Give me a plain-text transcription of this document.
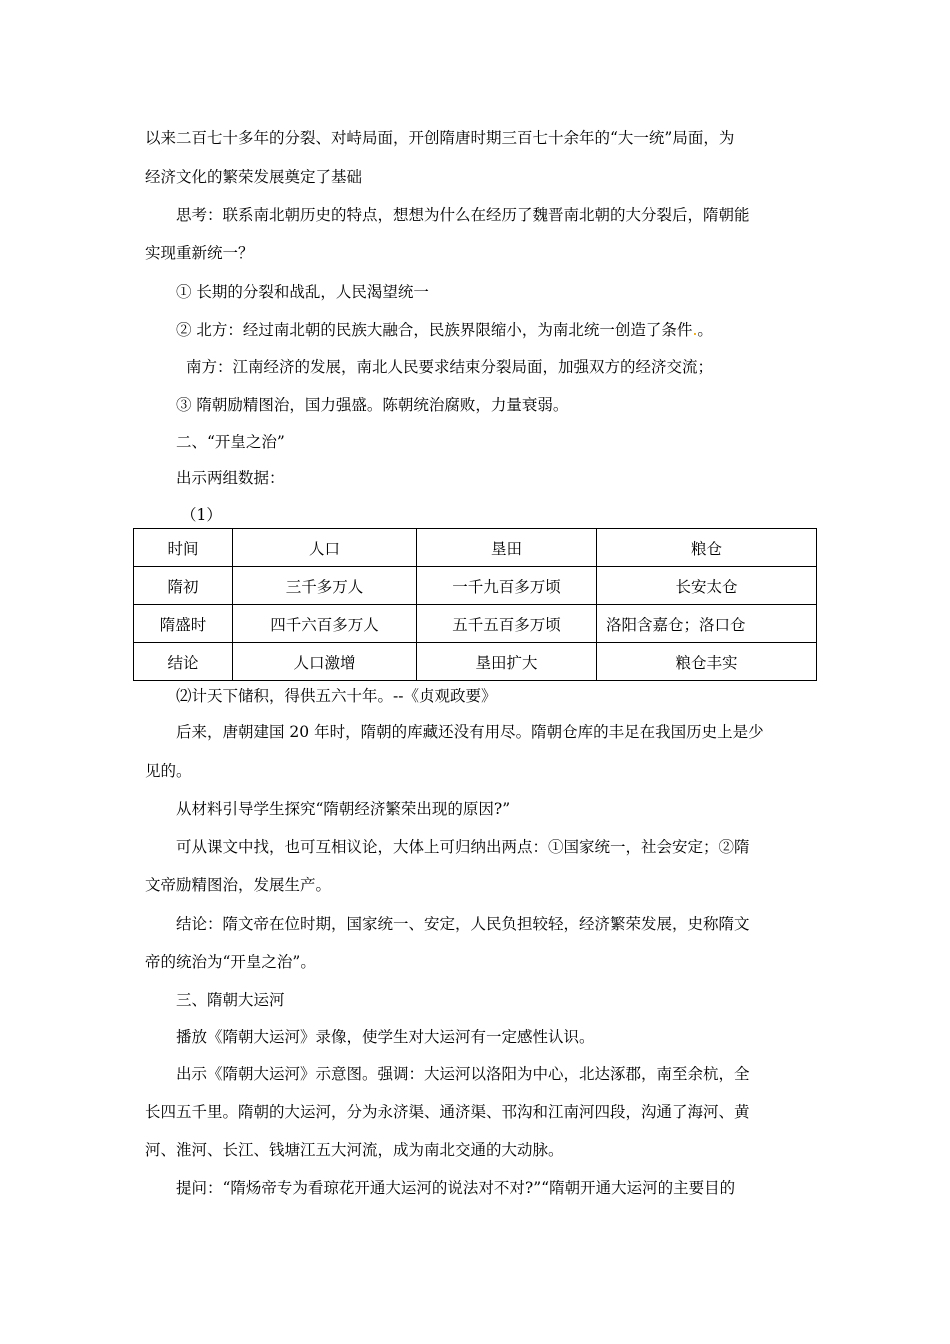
以来二百七十多年的分裂、对峙局面，开创隋唐时期三百七十余年的“大一统”局面，为
经济文化的繁荣发展奠定了基础
思考：联系南北朝历史的特点，想想为什么在经历了魏晋南北朝的大分裂后，隋朝能
实现重新统一？
① 长期的分裂和战乱，人民渴望统一
② 北方：经过南北朝的民族大融合，民族界限缩小，为南北统一创造了条件.。
南方：江南经济的发展，南北人民要求结束分裂局面，加强双方的经济交流；
③ 隋朝励精图治，国力强盛。陈朝统治腐败，力量衰弱。
二、“开皇之治”
出示两组数据：
（1）
时间	人口	垦田	粮仓
隋初	三千多万人	一千九百多万顷	长安太仓
隋盛时	四千六百多万人	五千五百多万顷	洛阳含嘉仓；洛口仓
结论	人口激增	垦田扩大	粮仓丰实
⑵计天下储积，得供五六十年。--《贞观政要》
后来，唐朝建国 20 年时，隋朝的库藏还没有用尽。隋朝仓库的丰足在我国历史上是少
见的。
从材料引导学生探究“隋朝经济繁荣出现的原因?”
可从课文中找，也可互相议论，大体上可归纳出两点：①国家统一，社会安定；②隋
文帝励精图治，发展生产。
结论：隋文帝在位时期，国家统一、安定，人民负担较轻，经济繁荣发展，史称隋文
帝的统治为“开皇之治”。
三、隋朝大运河
播放《隋朝大运河》录像，使学生对大运河有一定感性认识。
出示《隋朝大运河》示意图。强调：大运河以洛阳为中心，北达涿郡，南至余杭，全
长四五千里。隋朝的大运河，分为永济渠、通济渠、邗沟和江南河四段，沟通了海河、黄
河、淮河、长江、钱塘江五大河流，成为南北交通的大动脉。
提问：“隋炀帝专为看琼花开通大运河的说法对不对?”“隋朝开通大运河的主要目的
